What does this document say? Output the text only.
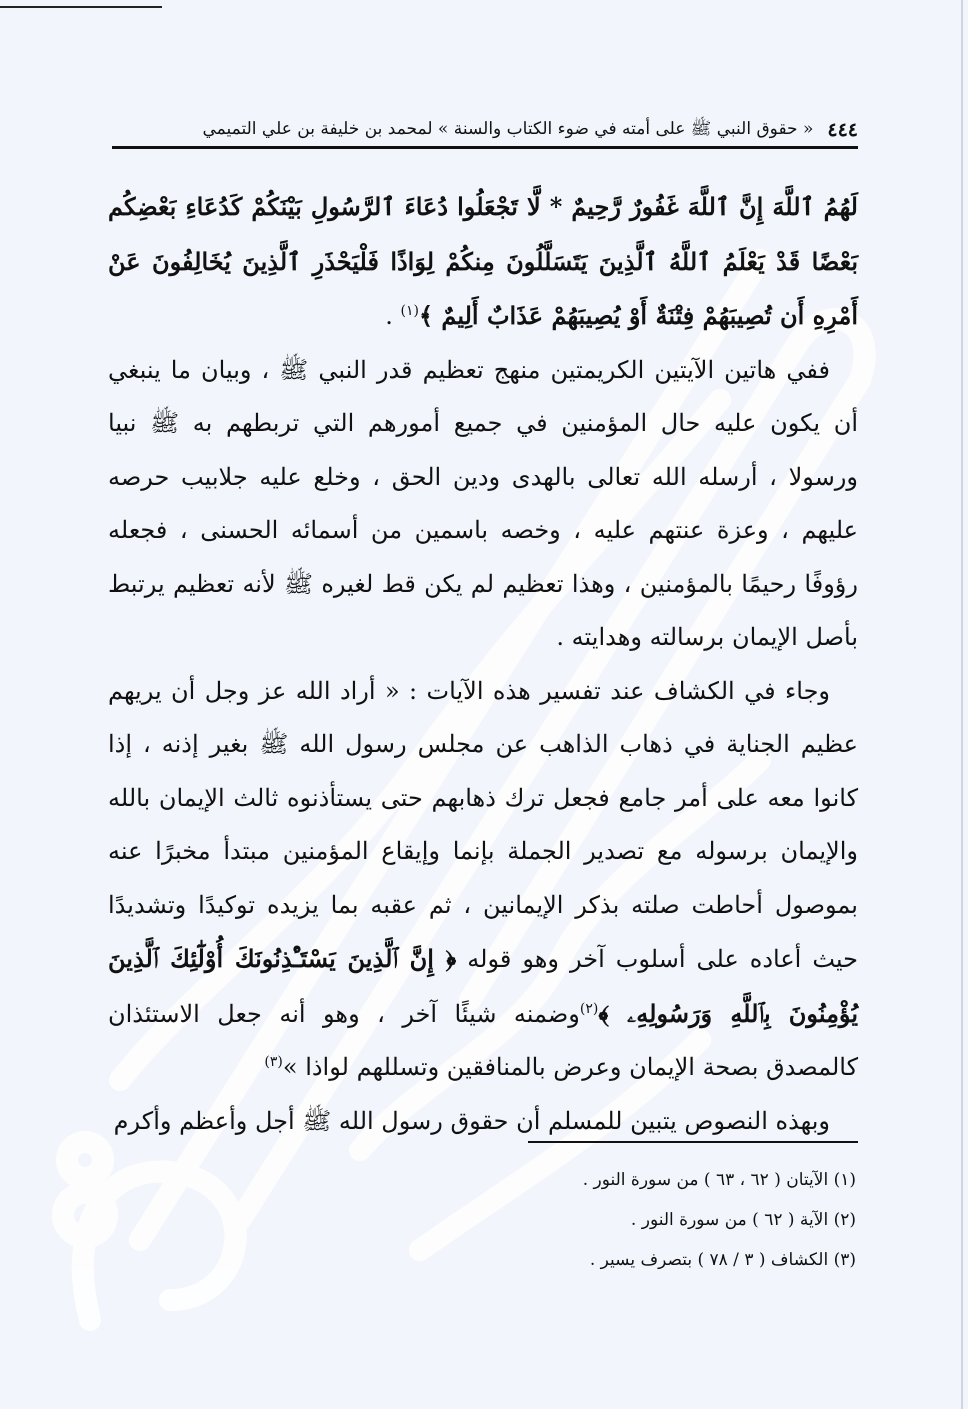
٤٤٤
« حقوق النبي ﷺ على أمته في ضوء الكتاب والسنة » لمحمد بن خليفة بن علي التميمي

لَهُمُ ٱللَّهَ إِنَّ ٱللَّهَ غَفُورٌ رَّحِيمٌ * لَّا تَجْعَلُوا دُعَاءَ ٱلرَّسُولِ بَيْنَكُمْ كَدُعَاءِ بَعْضِكُم بَعْضًا قَدْ يَعْلَمُ ٱللَّهُ ٱلَّذِينَ يَتَسَلَّلُونَ مِنكُمْ لِوَاذًا فَلْيَحْذَرِ ٱلَّذِينَ يُخَالِفُونَ عَنْ أَمْرِهِ أَن تُصِيبَهُمْ فِتْنَةٌ أَوْ يُصِيبَهُمْ عَذَابٌ أَلِيمٌ ﴾$^{(١)}$ .

ففي هاتين الآيتين الكريمتين منهج تعظيم قدر النبي ﷺ ، وبيان ما ينبغي أن يكون عليه حال المؤمنين في جميع أمورهم التي تربطهم به ﷺ نبيا ورسولا ، أرسله الله تعالى بالهدى ودين الحق ، وخلع عليه جلابيب حرصه عليهم ، وعزة عنتهم عليه ، وخصه باسمين من أسمائه الحسنى ، فجعله رؤوفًا رحيمًا بالمؤمنين ، وهذا تعظيم لم يكن قط لغيره ﷺ لأنه تعظيم يرتبط بأصل الإيمان برسالته وهدايته .

وجاء في الكشاف عند تفسير هذه الآيات : « أراد الله عز وجل أن يريهم عظيم الجناية في ذهاب الذاهب عن مجلس رسول الله ﷺ بغير إذنه ، إذا كانوا معه على أمر جامع فجعل ترك ذهابهم حتى يستأذنوه ثالث الإيمان بالله والإيمان برسوله مع تصدير الجملة بإنما وإيقاع المؤمنين مبتدأ مخبرًا عنه بموصول أحاطت صلته بذكر الإيمانين ، ثم عقبه بما يزيده توكيدًا وتشديدًا حيث أعاده على أسلوب آخر وهو قوله ﴿ إِنَّ ٱلَّذِينَ يَسْتَـْٔذِنُونَكَ أُوْلَٰٓئِكَ ٱلَّذِينَ يُؤْمِنُونَ بِٱللَّهِ وَرَسُولِهِۦ ﴾$^{(٢)}$وضمنه شيئًا آخر ، وهو أنه جعل الاستئذان كالمصدق بصحة الإيمان وعرض بالمنافقين وتسللهم لواذا »$^{(٣)}$

وبهذه النصوص يتبين للمسلم أن حقوق رسول الله ﷺ أجل وأعظم وأكرم

(١) الآيتان ( ٦٢ ، ٦٣ ) من سورة النور .
(٢) الآية ( ٦٢ ) من سورة النور .
(٣) الكشاف ( ٣ / ٧٨ ) بتصرف يسير .
